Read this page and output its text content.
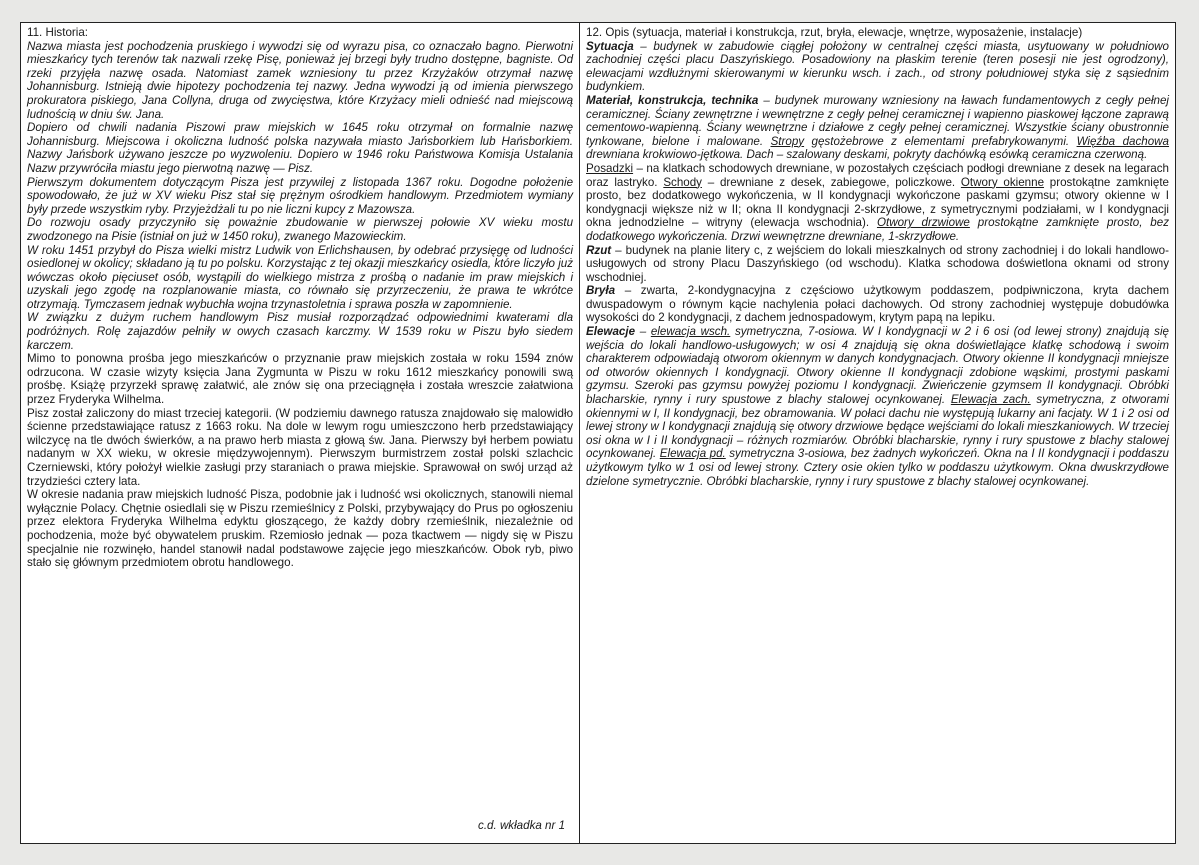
11. Historia:

Nazwa miasta jest pochodzenia pruskiego i wywodzi się od wyrazu pisa, co oznaczało bagno. Pierwotni mieszkańcy tych terenów tak nazwali rzekę Pisę, ponieważ jej brzegi były trudno dostępne, bagniste. Od rzeki przyjęła nazwę osada. Natomiast zamek wzniesiony tu przez Krzyżaków otrzymał nazwę Johannisburg. Istnieją dwie hipotezy pochodzenia tej nazwy. Jedna wywodzi ją od imienia pierwszego prokuratora piskiego, Jana Collyna, druga od zwycięstwa, które Krzyżacy mieli odnieść nad miejscową ludnością w dniu św. Jana.

Dopiero od chwili nadania Piszowi praw miejskich w 1645 roku otrzymał on formalnie nazwę Johannisburg. Miejscowa i okoliczna ludność polska nazywała miasto Jańsborkiem lub Hańsborkiem. Nazwy Jańsbork używano jeszcze po wyzwoleniu. Dopiero w 1946 roku Państwowa Komisja Ustalania Nazw przywróciła miastu jego pierwotną nazwę — Pisz.

Pierwszym dokumentem dotyczącym Pisza jest przywilej z listopada 1367 roku. Dogodne położenie spowodowało, że już w XV wieku Pisz stał się prężnym ośrodkiem handlowym. Przedmiotem wymiany były przede wszystkim ryby. Przyjeżdżali tu po nie liczni kupcy z Mazowsza.

Do rozwoju osady przyczyniło się poważnie zbudowanie w pierwszej połowie XV wieku mostu zwodzonego na Pisie (istniał on już w 1450 roku), zwanego Mazowieckim.

W roku 1451 przybył do Pisza wielki mistrz Ludwik von Erlichshausen, by odebrać przysięgę od ludności osiedlonej w okolicy; składano ją tu po polsku. Korzystając z tej okazji mieszkańcy osiedla, które liczyło już wówczas około pięciuset osób, wystąpili do wielkiego mistrza z prośbą o nadanie im praw miejskich i uzyskali jego zgodę na rozplanowanie miasta, co równało się przyrzeczeniu, że prawa te wkrótce otrzymają. Tymczasem jednak wybuchła wojna trzynastoletnia i sprawa poszła w zapomnienie.

W związku z dużym ruchem handlowym Pisz musiał rozporządzać odpowiednimi kwaterami dla podróżnych. Rolę zajazdów pełniły w owych czasach karczmy. W 1539 roku w Piszu było siedem karczem.

Mimo to ponowna prośba jego mieszkańców o przyznanie praw miejskich została w roku 1594 znów odrzucona. W czasie wizyty księcia Jana Zygmunta w Piszu w roku 1612 mieszkańcy ponowili swą prośbę. Książę przyrzekł sprawę załatwić, ale znów się ona przeciągnęła i została wreszcie załatwiona przez Fryderyka Wilhelma.

Pisz został zaliczony do miast trzeciej kategorii. (W podziemiu dawnego ratusza znajdowało się malowidło ścienne przedstawiające ratusz z 1663 roku. Na dole w lewym rogu umieszczono herb przedstawiający wilczycę na tle dwóch świerków, a na prawo herb miasta z głową św. Jana. Pierwszy był herbem powiatu nadanym w XX wieku, w okresie międzywojennym). Pierwszym burmistrzem został polski szlachcic Czerniewski, który położył wielkie zasługi przy staraniach o prawa miejskie. Sprawował on swój urząd aż trzydzieści cztery lata.

W okresie nadania praw miejskich ludność Pisza, podobnie jak i ludność wsi okolicznych, stanowili niemal wyłącznie Polacy. Chętnie osiedlali się w Piszu rzemieślnicy z Polski, przybywający do Prus po ogłoszeniu przez elektora Fryderyka Wilhelma edyktu głoszącego, że każdy dobry rzemieślnik, niezależnie od pochodzenia, może być obywatelem pruskim. Rzemiosło jednak — poza tkactwem — nigdy się w Piszu specjalnie nie rozwinęło, handel stanowił nadal podstawowe zajęcie jego mieszkańców. Obok ryb, piwo stało się głównym przedmiotem obrotu handlowego.

c.d. wkładka nr 1

12. Opis (sytuacja, materiał i konstrukcja, rzut, bryła, elewacje, wnętrze, wyposażenie, instalacje)

Sytuacja – budynek w zabudowie ciągłej położony w centralnej części miasta, usytuowany w południowo zachodniej części placu Daszyńskiego. Posadowiony na płaskim terenie (teren posesji nie jest ogrodzony), elewacjami wzdłużnymi skierowanymi w kierunku wsch. i zach., od strony południowej styka się z sąsiednim budynkiem.

Materiał, konstrukcja, technika – budynek murowany wzniesiony na ławach fundamentowych z cegły pełnej ceramicznej. Ściany zewnętrzne i wewnętrzne z cegły pełnej ceramicznej i wapienno piaskowej łączone zaprawą cementowo-wapienną. Ściany wewnętrzne i działowe z cegły pełnej ceramicznej. Wszystkie ściany obustronnie tynkowane, bielone i malowane. Stropy gęstożebrowe z elementami prefabrykowanymi. Więźba dachowa drewniana krokwiowo-jętkowa. Dach – szalowany deskami, pokryty dachówką esówką ceramiczna czerwoną.

Posadzki – na klatkach schodowych drewniane, w pozostałych częściach podłogi drewniane z desek na legarach oraz lastryko. Schody – drewniane z desek, zabiegowe, policzkowe. Otwory okienne prostokątne zamknięte prosto, bez dodatkowego wykończenia, w II kondygnacji wykończone paskami gzymsu; otwory okienne w I kondygnacji większe niż w II; okna II kondygnacji 2-skrzydłowe, z symetrycznymi podziałami, w I kondygnacji okna jednodzielne – witryny (elewacja wschodnia). Otwory drzwiowe prostokątne zamknięte prosto, bez dodatkowego wykończenia. Drzwi wewnętrzne drewniane, 1-skrzydłowe.

Rzut – budynek na planie litery c, z wejściem do lokali mieszkalnych od strony zachodniej i do lokali handlowo-usługowych od strony Placu Daszyńskiego (od wschodu). Klatka schodowa doświetlona oknami od strony wschodniej.

Bryła – zwarta, 2-kondygnacyjna z częściowo użytkowym poddaszem, podpiwniczona, kryta dachem dwuspadowym o równym kącie nachylenia połaci dachowych. Od strony zachodniej występuje dobudówka wysokości do 2 kondygnacji, z dachem jednospadowym, krytym papą na lepiku.

Elewacje – elewacja wsch. symetryczna, 7-osiowa. W I kondygnacji w 2 i 6 osi (od lewej strony) znajdują się wejścia do lokali handlowo-usługowych; w osi 4 znajdują się okna doświetlające klatkę schodową i swoim charakterem odpowiadają otworom okiennym w danych kondygnacjach. Otwory okienne II kondygnacji mniejsze od otworów okiennych I kondygnacji. Otwory okienne II kondygnacji zdobione wąskimi, prostymi paskami gzymsu. Szeroki pas gzymsu powyżej poziomu I kondygnacji. Zwieńczenie gzymsem II kondygnacji. Obróbki blacharskie, rynny i rury spustowe z blachy stalowej ocynkowanej. Elewacja zach. symetryczna, z otworami okiennymi w I, II kondygnacji, bez obramowania. W połaci dachu nie występują lukarny ani facjaty. W 1 i 2 osi od lewej strony w I kondygnacji znajdują się otwory drzwiowe będące wejściami do lokali mieszkaniowych. W trzeciej osi okna w I i II kondygnacji – różnych rozmiarów. Obróbki blacharskie, rynny i rury spustowe z blachy stalowej ocynkowanej. Elewacja pd. symetryczna 3-osiowa, bez żadnych wykończeń. Okna na I II kondygnacji i poddaszu użytkowym tylko w 1 osi od lewej strony. Cztery osie okien tylko w poddaszu użytkowym. Okna dwuskrzydłowe dzielone symetrycznie. Obróbki blacharskie, rynny i rury spustowe z blachy stalowej ocynkowanej.
